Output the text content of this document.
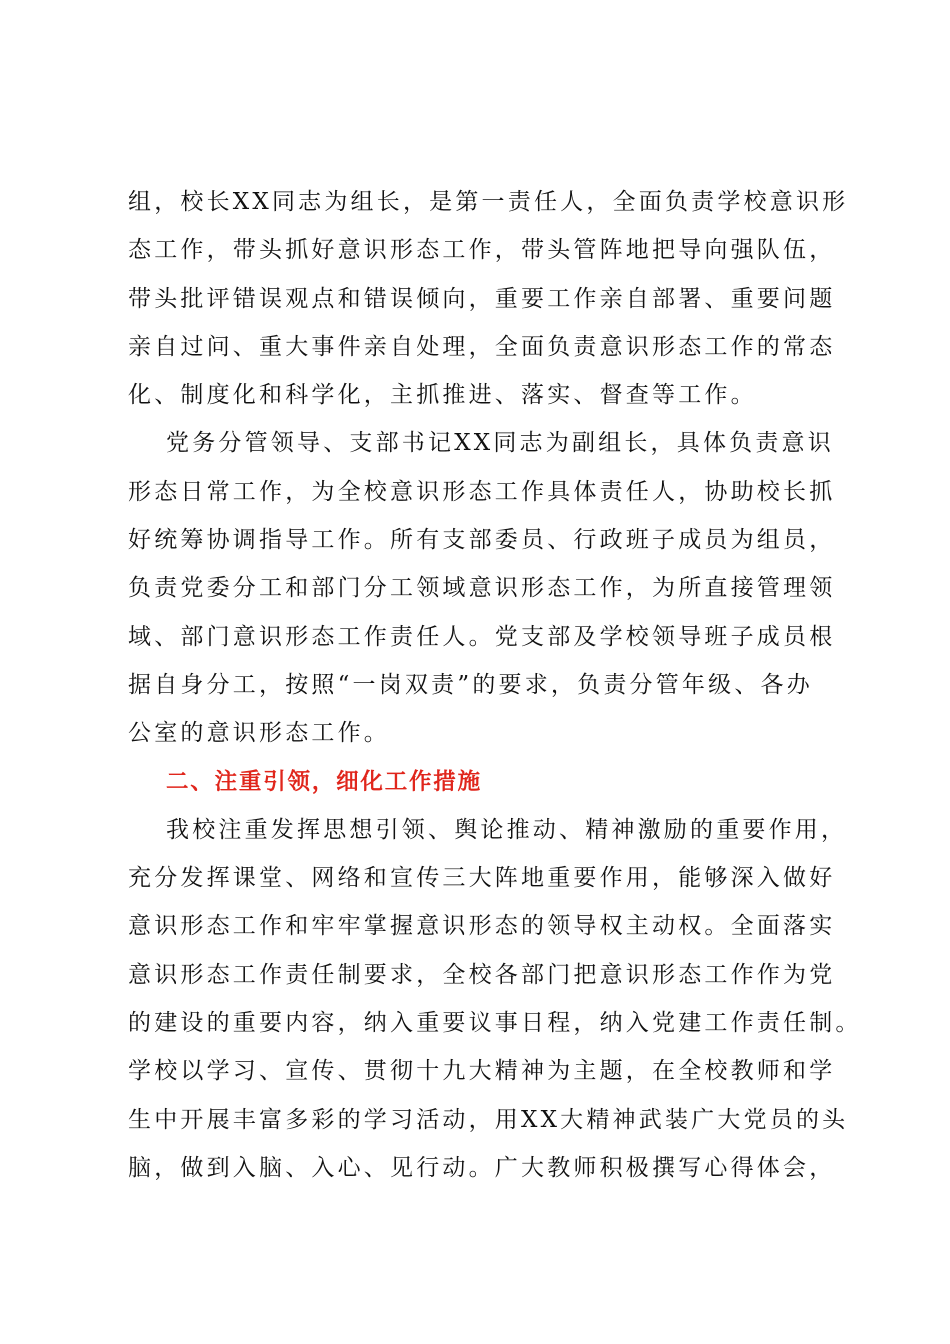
组，校长XX同志为组长，是第一责任人，全面负责学校意识形
态工作，带头抓好意识形态工作，带头管阵地把导向强队伍，
带头批评错误观点和错误倾向，重要工作亲自部署、重要问题
亲自过问、重大事件亲自处理，全面负责意识形态工作的常态
化、制度化和科学化，主抓推进、落实、督查等工作。
党务分管领导、支部书记XX同志为副组长，具体负责意识
形态日常工作，为全校意识形态工作具体责任人，协助校长抓
好统筹协调指导工作。所有支部委员、行政班子成员为组员，
负责党委分工和部门分工领域意识形态工作，为所直接管理领
域、部门意识形态工作责任人。党支部及学校领导班子成员根
据自身分工，按照“一岗双责”的要求，负责分管年级、各办
公室的意识形态工作。
二、注重引领，细化工作措施
我校注重发挥思想引领、舆论推动、精神激励的重要作用，
充分发挥课堂、网络和宣传三大阵地重要作用，能够深入做好
意识形态工作和牢牢掌握意识形态的领导权主动权。全面落实
意识形态工作责任制要求，全校各部门把意识形态工作作为党
的建设的重要内容，纳入重要议事日程，纳入党建工作责任制。
学校以学习、宣传、贯彻十九大精神为主题，在全校教师和学
生中开展丰富多彩的学习活动，用XX大精神武装广大党员的头
脑，做到入脑、入心、见行动。广大教师积极撰写心得体会，
